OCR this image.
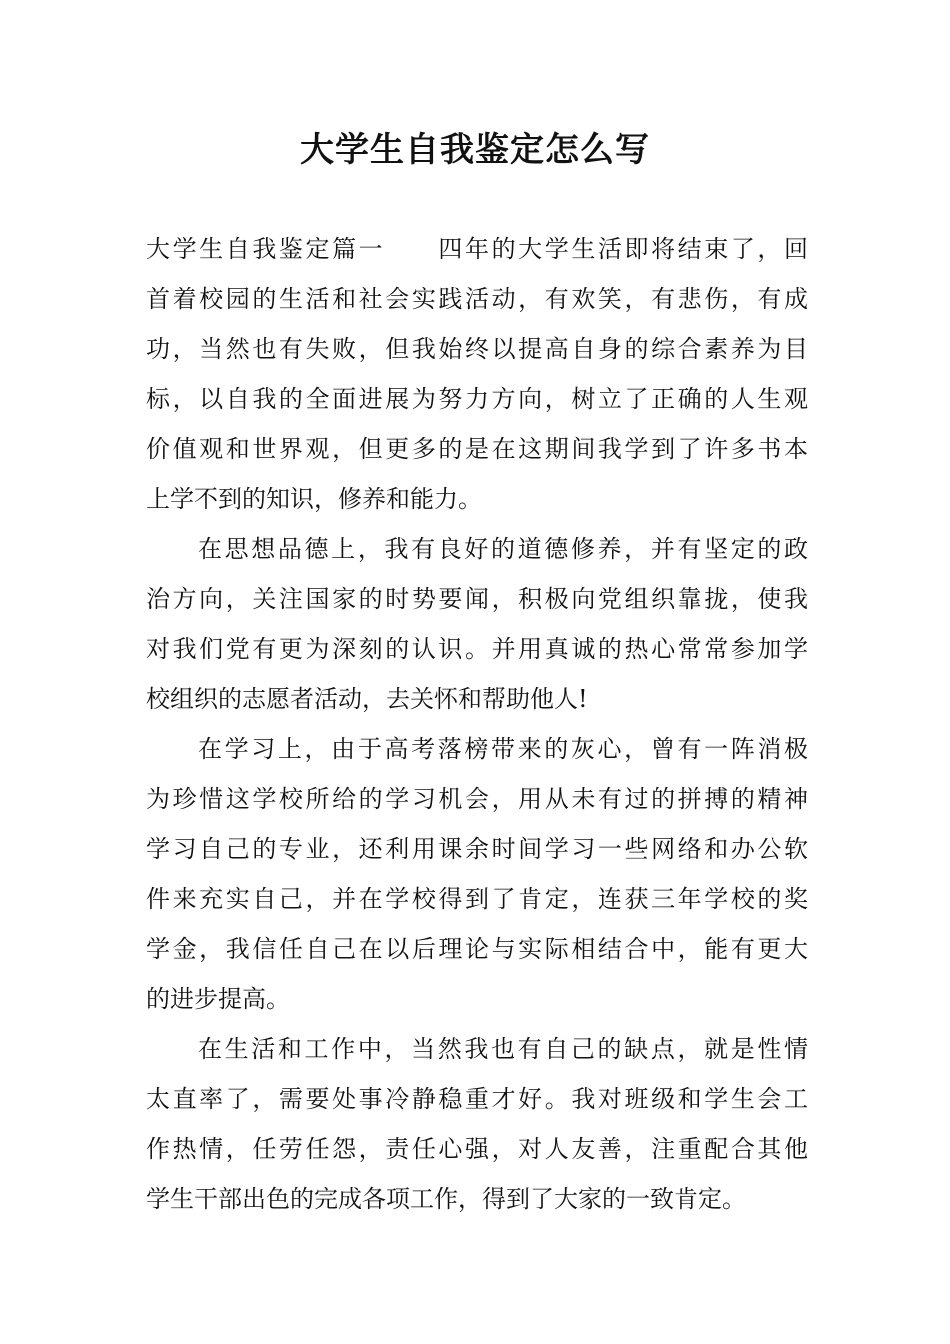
大学生自我鉴定怎么写
大学生自我鉴定篇一　　四年的大学生活即将结束了，回
首着校园的生活和社会实践活动，有欢笑，有悲伤，有成
功，当然也有失败，但我始终以提高自身的综合素养为目
标，以自我的全面进展为努力方向，树立了正确的人生观
价值观和世界观，但更多的是在这期间我学到了许多书本
上学不到的知识，修养和能力。
在思想品德上，我有良好的道德修养，并有坚定的政
治方向，关注国家的时势要闻，积极向党组织靠拢，使我
对我们党有更为深刻的认识。并用真诚的热心常常参加学
校组织的志愿者活动，去关怀和帮助他人!
在学习上，由于高考落榜带来的灰心，曾有一阵消极
为珍惜这学校所给的学习机会，用从未有过的拼搏的精神
学习自己的专业，还利用课余时间学习一些网络和办公软
件来充实自己，并在学校得到了肯定，连获三年学校的奖
学金，我信任自己在以后理论与实际相结合中，能有更大
的进步提高。
在生活和工作中，当然我也有自己的缺点，就是性情
太直率了，需要处事冷静稳重才好。我对班级和学生会工
作热情，任劳任怨，责任心强，对人友善，注重配合其他
学生干部出色的完成各项工作，得到了大家的一致肯定。
